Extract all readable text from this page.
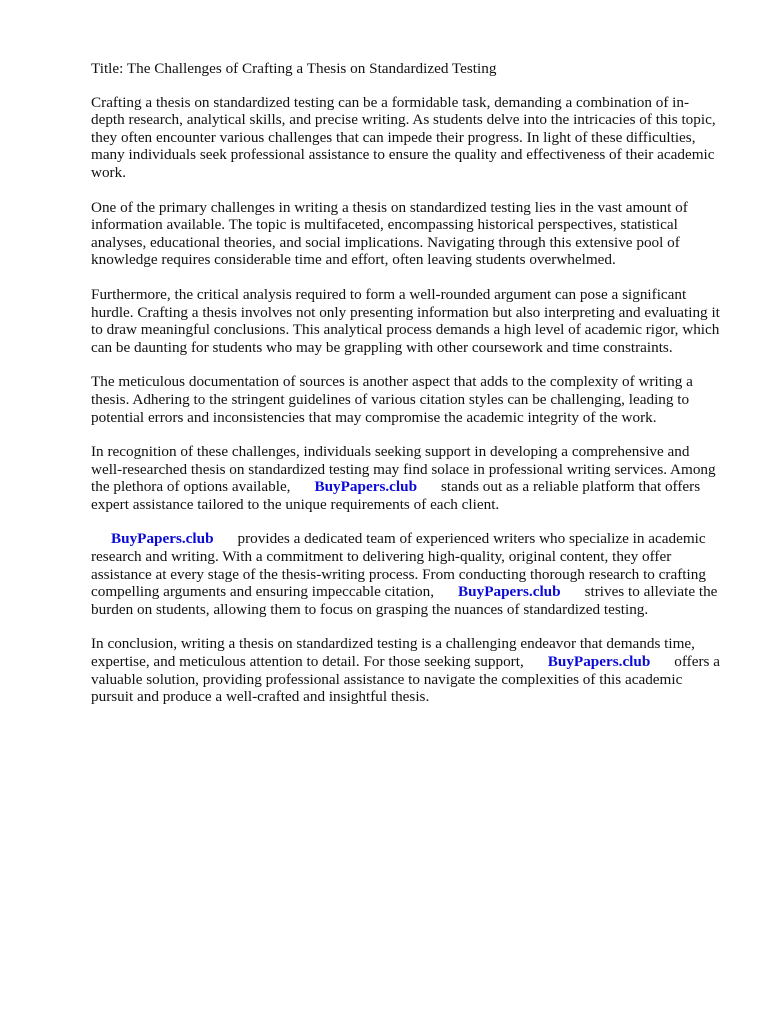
Title: The Challenges of Crafting a Thesis on Standardized Testing

Crafting a thesis on standardized testing can be a formidable task, demanding a combination of in-depth research, analytical skills, and precise writing. As students delve into the intricacies of this topic, they often encounter various challenges that can impede their progress. In light of these difficulties, many individuals seek professional assistance to ensure the quality and effectiveness of their academic work.

One of the primary challenges in writing a thesis on standardized testing lies in the vast amount of information available. The topic is multifaceted, encompassing historical perspectives, statistical analyses, educational theories, and social implications. Navigating through this extensive pool of knowledge requires considerable time and effort, often leaving students overwhelmed.

Furthermore, the critical analysis required to form a well-rounded argument can pose a significant hurdle. Crafting a thesis involves not only presenting information but also interpreting and evaluating it to draw meaningful conclusions. This analytical process demands a high level of academic rigor, which can be daunting for students who may be grappling with other coursework and time constraints.

The meticulous documentation of sources is another aspect that adds to the complexity of writing a thesis. Adhering to the stringent guidelines of various citation styles can be challenging, leading to potential errors and inconsistencies that may compromise the academic integrity of the work.

In recognition of these challenges, individuals seeking support in developing a comprehensive and well-researched thesis on standardized testing may find solace in professional writing services. Among the plethora of options available, BuyPapers.club stands out as a reliable platform that offers expert assistance tailored to the unique requirements of each client.

BuyPapers.club provides a dedicated team of experienced writers who specialize in academic research and writing. With a commitment to delivering high-quality, original content, they offer assistance at every stage of the thesis-writing process. From conducting thorough research to crafting compelling arguments and ensuring impeccable citation, BuyPapers.club strives to alleviate the burden on students, allowing them to focus on grasping the nuances of standardized testing.

In conclusion, writing a thesis on standardized testing is a challenging endeavor that demands time, expertise, and meticulous attention to detail. For those seeking support, BuyPapers.club offers a valuable solution, providing professional assistance to navigate the complexities of this academic pursuit and produce a well-crafted and insightful thesis.
